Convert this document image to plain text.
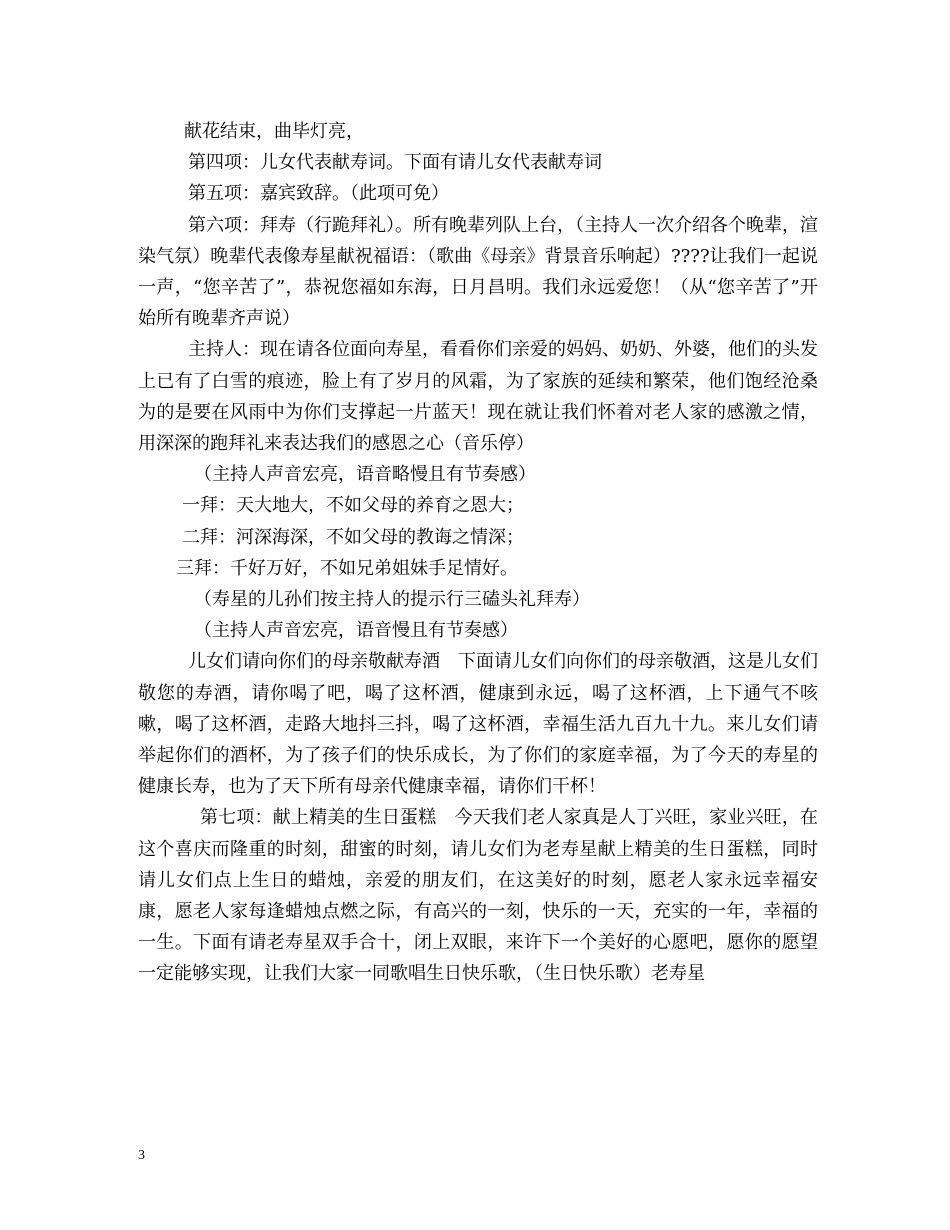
献花结束，曲毕灯亮，

第四项：儿女代表献寿词。下面有请儿女代表献寿词

第五项：嘉宾致辞。（此项可免）

第六项：拜寿（行跪拜礼）。所有晚辈列队上台，（主持人一次介绍各个晚辈，渲染气氛）晚辈代表像寿星献祝福语：（歌曲《母亲》背景音乐响起）????让我们一起说一声，“您辛苦了”，恭祝您福如东海，日月昌明。我们永远爱您！（从“您辛苦了”开始所有晚辈齐声说）

主持人：现在请各位面向寿星，看看你们亲爱的妈妈、奶奶、外婆，他们的头发上已有了白雪的痕迹，脸上有了岁月的风霜，为了家族的延续和繁荣，他们饱经沧桑为的是要在风雨中为你们支撑起一片蓝天！现在就让我们怀着对老人家的感激之情，用深深的跑拜礼来表达我们的感恩之心（音乐停）

（主持人声音宏亮，语音略慢且有节奏感）

一拜：天大地大，不如父母的养育之恩大；

二拜：河深海深，不如父母的教诲之情深；

三拜：千好万好，不如兄弟姐妹手足情好。

（寿星的儿孙们按主持人的提示行三磕头礼拜寿）

（主持人声音宏亮，语音慢且有节奏感）

儿女们请向你们的母亲敬献寿酒　下面请儿女们向你们的母亲敬酒，这是儿女们敬您的寿酒，请你喝了吧，喝了这杯酒，健康到永远，喝了这杯酒，上下通气不咳嗽，喝了这杯酒，走路大地抖三抖，喝了这杯酒，幸福生活九百九十九。来儿女们请举起你们的酒杯，为了孩子们的快乐成长，为了你们的家庭幸福，为了今天的寿星的健康长寿，也为了天下所有母亲代健康幸福，请你们干杯！

第七项：献上精美的生日蛋糕　今天我们老人家真是人丁兴旺，家业兴旺，在这个喜庆而隆重的时刻，甜蜜的时刻，请儿女们为老寿星献上精美的生日蛋糕，同时请儿女们点上生日的蜡烛，亲爱的朋友们，在这美好的时刻，愿老人家永远幸福安康，愿老人家每逢蜡烛点燃之际，有高兴的一刻，快乐的一天，充实的一年，幸福的一生。下面有请老寿星双手合十，闭上双眼，来许下一个美好的心愿吧，愿你的愿望一定能够实现，让我们大家一同歌唱生日快乐歌，（生日快乐歌）老寿星

3
